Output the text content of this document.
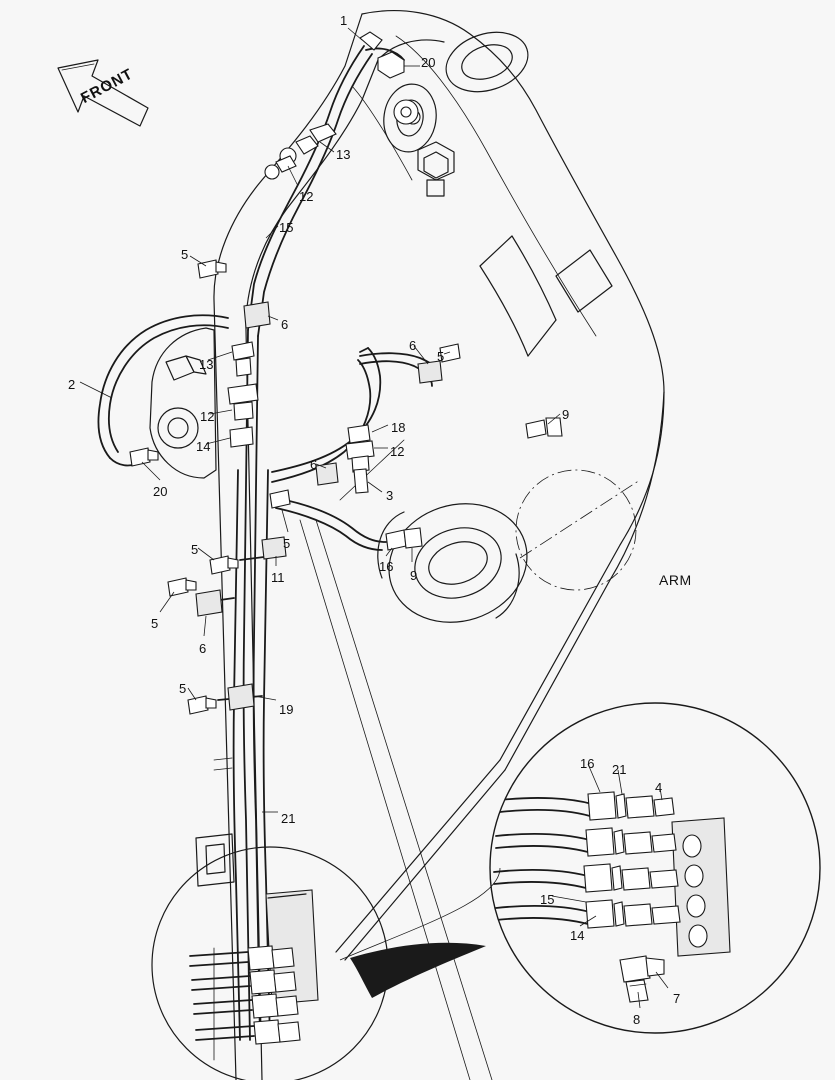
FRONT
1
20
13
12
15
5
6
5
6
13
2
9
18
12
12
14
6
20	3
5
5
16
9
11
5
6
ARM
5
19
21
16 21
4
15
14
7
8
